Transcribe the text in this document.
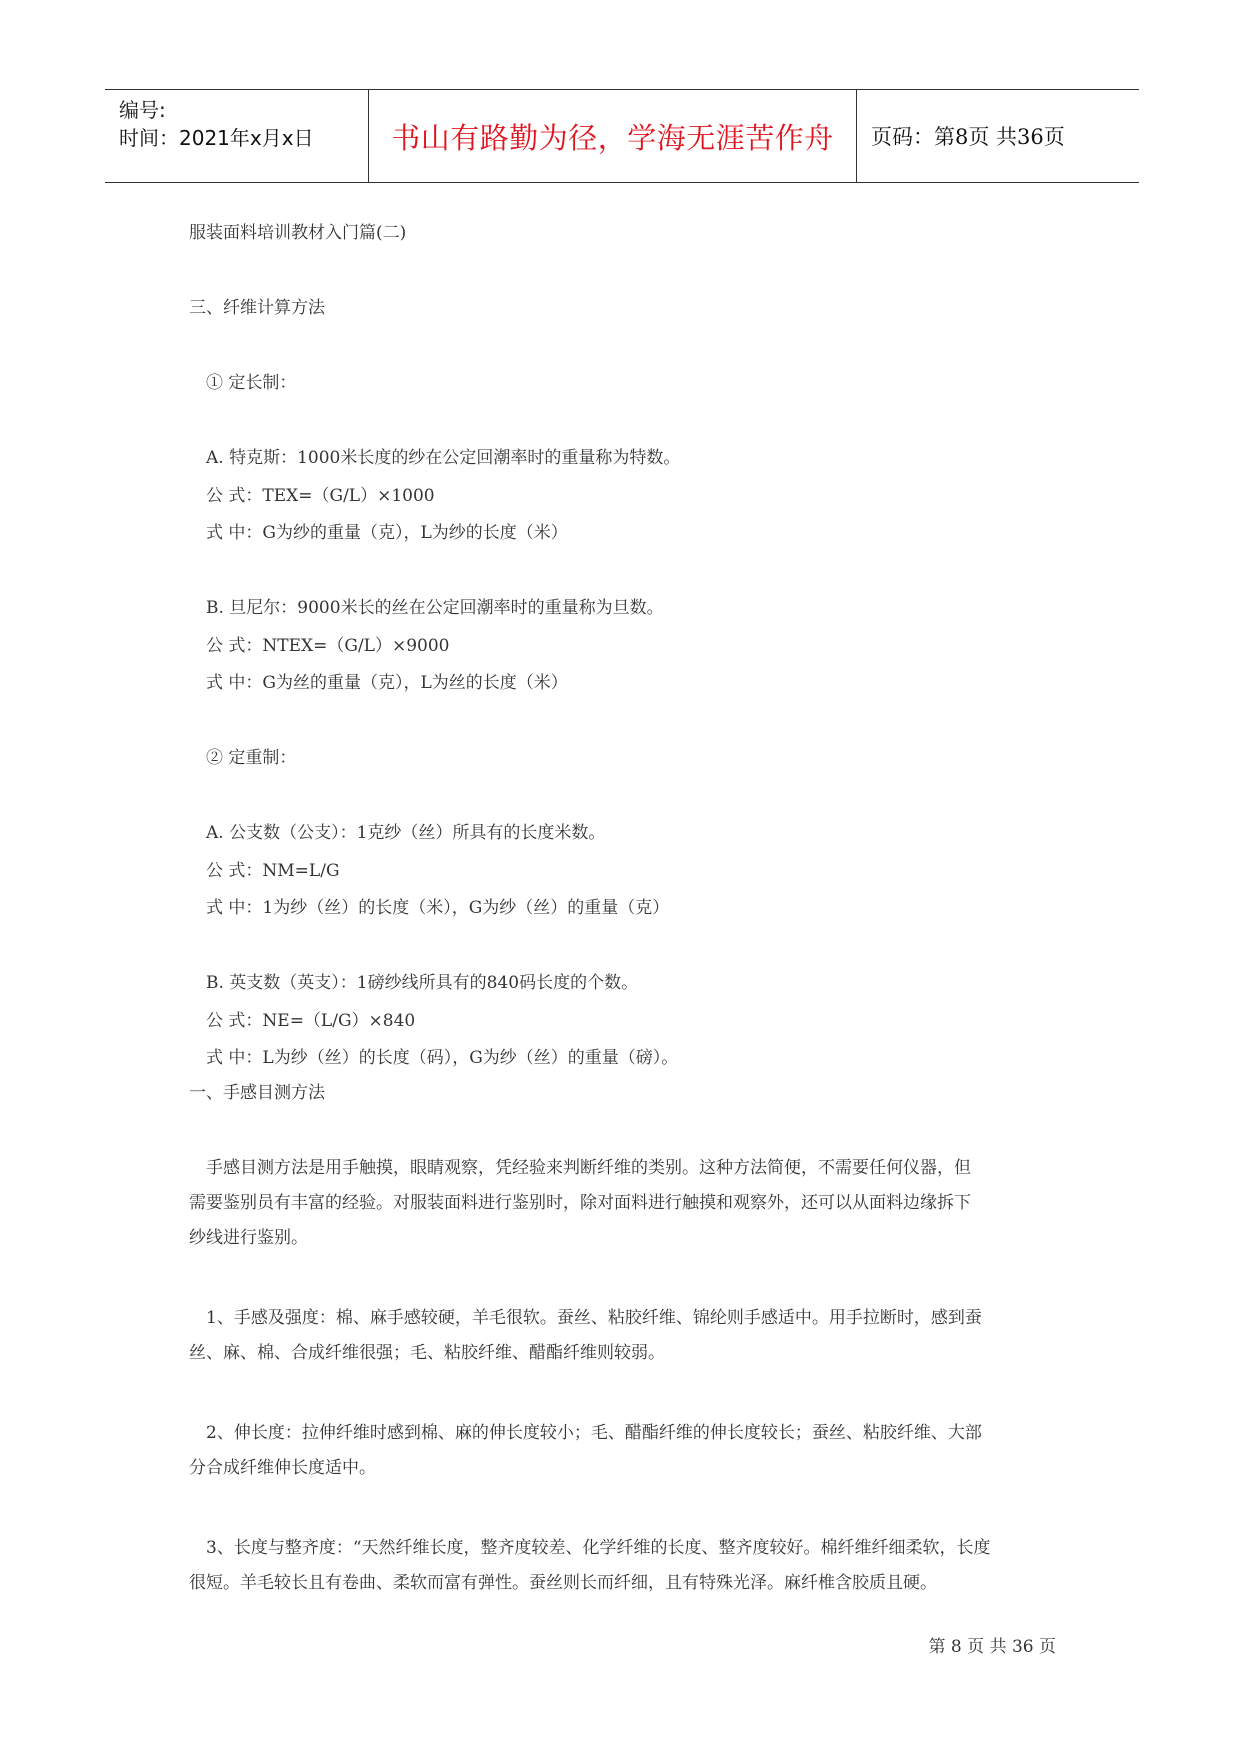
编号:
时间：2021年x月x日	书山有路勤为径，学海无涯苦作舟 页码：第8页 共36页
服装面料培训教材入门篇(二)
三、纤维计算方法
① 定长制：
A. 特克斯：1000米长度的纱在公定回潮率时的重量称为特数。
公 式：TEX=（G/L）×1000
式 中：G为纱的重量（克），L为纱的长度（米）
B. 旦尼尔：9000米长的丝在公定回潮率时的重量称为旦数。
公 式：NTEX=（G/L）×9000
式 中：G为丝的重量（克），L为丝的长度（米）
② 定重制：
A. 公支数（公支）：1克纱（丝）所具有的长度米数。
公 式：NM=L/G
式 中：1为纱（丝）的长度（米），G为纱（丝）的重量（克）
B. 英支数（英支）：1磅纱线所具有的840码长度的个数。
公 式：NE=（L/G）×840
式 中：L为纱（丝）的长度（码），G为纱（丝）的重量（磅）。
一、手感目测方法
手感目测方法是用手触摸，眼睛观察，凭经验来判断纤维的类别。这种方法简便，不需要任何仪器，但
需要鉴别员有丰富的经验。对服装面料进行鉴别时，除对面料进行触摸和观察外，还可以从面料边缘拆下
纱线进行鉴别。
1、手感及强度：棉、麻手感较硬，羊毛很软。蚕丝、粘胶纤维、锦纶则手感适中。用手拉断时，感到蚕
丝、麻、棉、合成纤维很强；毛、粘胶纤维、醋酯纤维则较弱。
2、伸长度：拉伸纤维时感到棉、麻的伸长度较小；毛、醋酯纤维的伸长度较长；蚕丝、粘胶纤维、大部
分合成纤维伸长度适中。
3、长度与整齐度：“天然纤维长度，整齐度较差、化学纤维的长度、整齐度较好。棉纤维纤细柔软，长度
很短。羊毛较长且有卷曲、柔软而富有弹性。蚕丝则长而纤细，且有特殊光泽。麻纤椎含胶质且硬。
第 8 页 共 36 页
